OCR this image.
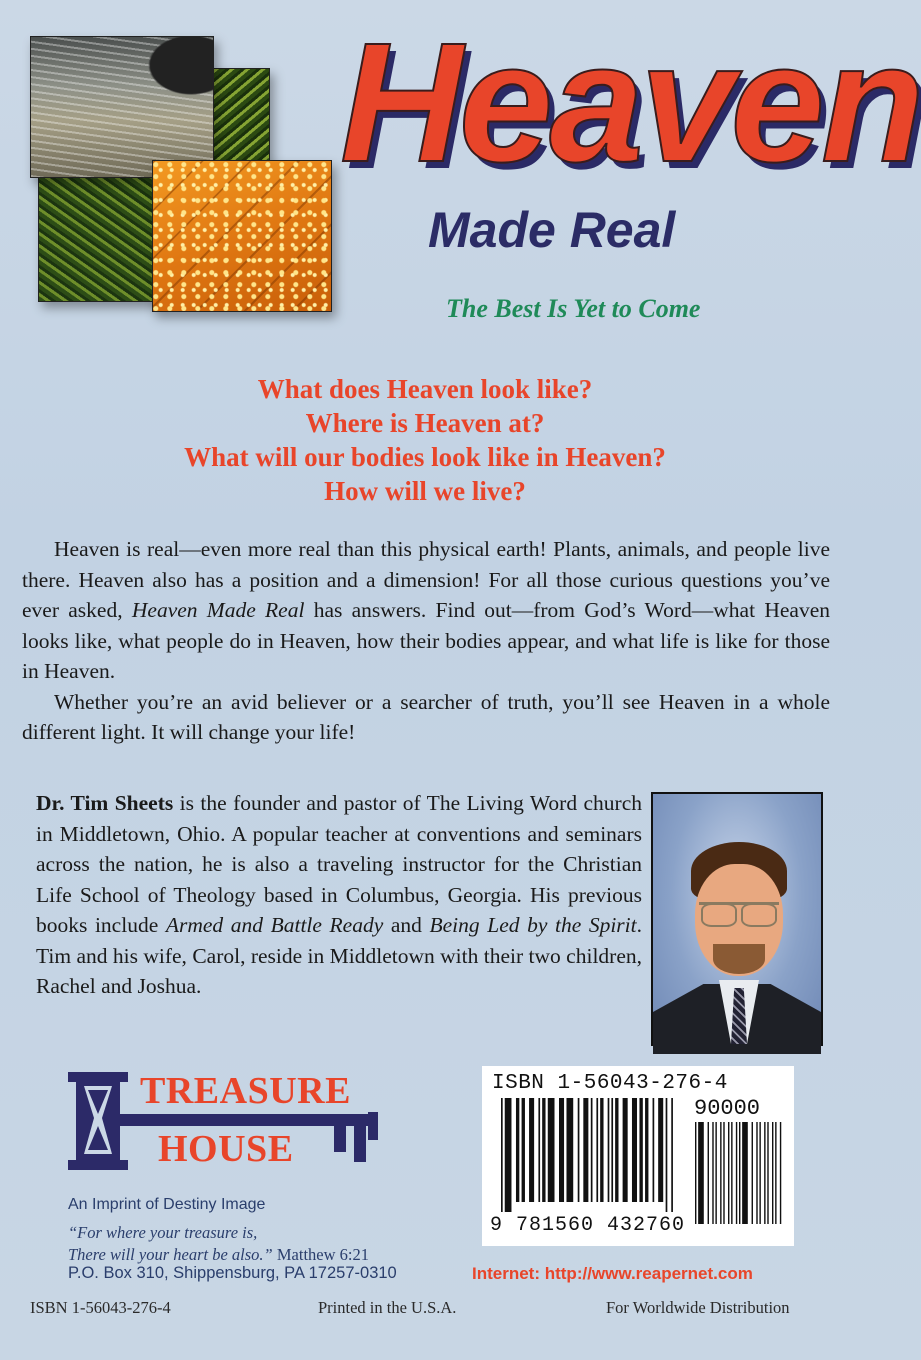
Heaven
Made Real

The Best Is Yet to Come

What does Heaven look like?
Where is Heaven at?
What will our bodies look like in Heaven?
How will we live?

Heaven is real—even more real than this physical earth! Plants, animals, and people live there. Heaven also has a position and a dimension! For all those curious questions you’ve ever asked, Heaven Made Real has answers. Find out—from God’s Word—what Heaven looks like, what people do in Heaven, how their bodies appear, and what life is like for those in Heaven.

Whether you’re an avid believer or a searcher of truth, you’ll see Heaven in a whole different light. It will change your life!

Dr. Tim Sheets is the founder and pastor of The Living Word church in Middletown, Ohio. A popular teacher at conventions and seminars across the nation, he is also a traveling instructor for the Christian Life School of Theology based in Columbus, Georgia. His previous books include Armed and Battle Ready and Being Led by the Spirit. Tim and his wife, Carol, reside in Middletown with their two children, Rachel and Joshua.

TREASURE
HOUSE

An Imprint of Destiny Image

“For where your treasure is,
There will your heart be also.” Matthew 6:21

P.O. Box 310, Shippensburg, PA 17257-0310

ISBN 1-56043-276-4
90000
9 781560 432760

Internet: http://www.reapernet.com

ISBN 1-56043-276-4	Printed in the U.S.A.	For Worldwide Distribution
